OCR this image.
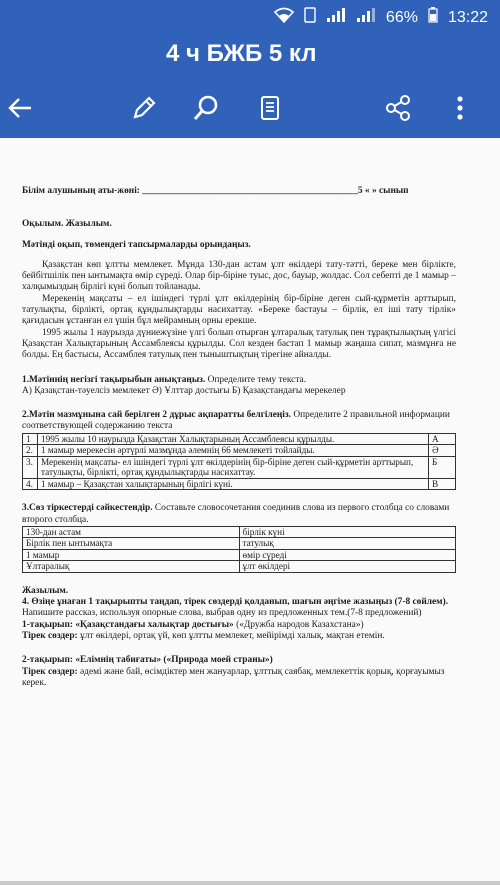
66% 13:22
4 ч БЖБ 5 кл

Білім алушының аты-жөні: ______________________________________________5 « » сынып

Оқылым. Жазылым.

Мәтінді оқып, төмендегі тапсырмаларды орындаңыз.

Қазақстан көп ұлтты мемлекет. Мұнда 130-дан астам ұлт өкілдері тату-тәтті, береке мен бірлікте, бейбітшілік пен ынтымақта өмір сүреді. Олар бір-біріне туыс, дос, бауыр, жолдас. Сол себепті де 1 мамыр – халқымыздың бірлігі күні болып тойланады.

Мерекенің мақсаты – ел ішіндегі түрлі ұлт өкілдерінің бір-біріне деген сый-құрметін арттырып, татулықты, бірлікті, ортақ құндылықтарды насихаттау. «Береке бастауы – бірлік, ел іші тату тірлік» қағидасын ұстанған ел үшін бұл мейрамның орны ерекше.

1995 жылы 1 наурызда дүниежүзіне үлгі болып отырған ұлтаралық татулық пен тұрақтылықтың үлгісі Қазақстан Халықтарының Ассамблеясы құрылды. Сол кезден бастап 1 мамыр жаңаша сипат, мазмұнға не болды. Ең бастысы, Ассамблея татулық пен тыныштықтың тірегіне айналды.

1.Мәтіннің негізгі тақырыбын анықтаңыз. Определите тему текста.

А) Қазақстан-тәуелсіз мемлекет Ә) Ұлттар достығы Б) Қазақстандағы мерекелер

2.Мәтін мазмұнына сай берілген 2 дұрыс ақпаратты белгілеңіз. Определите 2 правильной информации соответствующей содержанию текста

1	1995 жылы 10 наурызда Қазақстан Халықтарының Ассамблеясы құрылды.	А
2.	1 мамыр мерекесін әртүрлі мазмұнда әлемнің 66 мемлекеті тойлайды.	Ә
3.	Мерекенің мақсаты- ел ішіндегі түрлі ұлт өкілдерінің бір-біріне деген сый-құрметін арттырып, татулықты, бірлікті, ортақ құндылықтарды насихаттау.	Б
4.	1 мамыр – Қазақстан халықтарының бірлігі күні.	В

3.Сөз тіркестерді сәйкестендір. Составьте словосочетания соединив слова из первого столбца со словами второго столбца.

130-дан астам	бірлік күні
Бірлік пен ынтымақта	татулық
1 мамыр	өмір сүреді
Ұлтаралық	ұлт өкілдері

Жазылым.

4. Өзіңе ұнаған 1 тақырыпты таңдап, тірек сөздерді қолданып, шағын әңгіме жазыңыз (7-8 сөйлем). Напишите рассказ, используя опорные слова, выбрав одну из предложенных тем.(7-8 предложений)

1-тақырып: «Қазақстандағы халықтар достығы» («Дружба народов Казахстана»)

Тірек сөздер: ұлт өкілдері, ортақ үй, көп ұлтты мемлекет, мейірімді халық, мақтан етемін.

2-тақырып: «Елімнің табиғаты» («Природа моей страны»)

Тірек сөздер: әдемі және бай, өсімдіктер мен жануарлар, ұлттық саябақ, мемлекеттік қорық, қорғауымыз керек.
